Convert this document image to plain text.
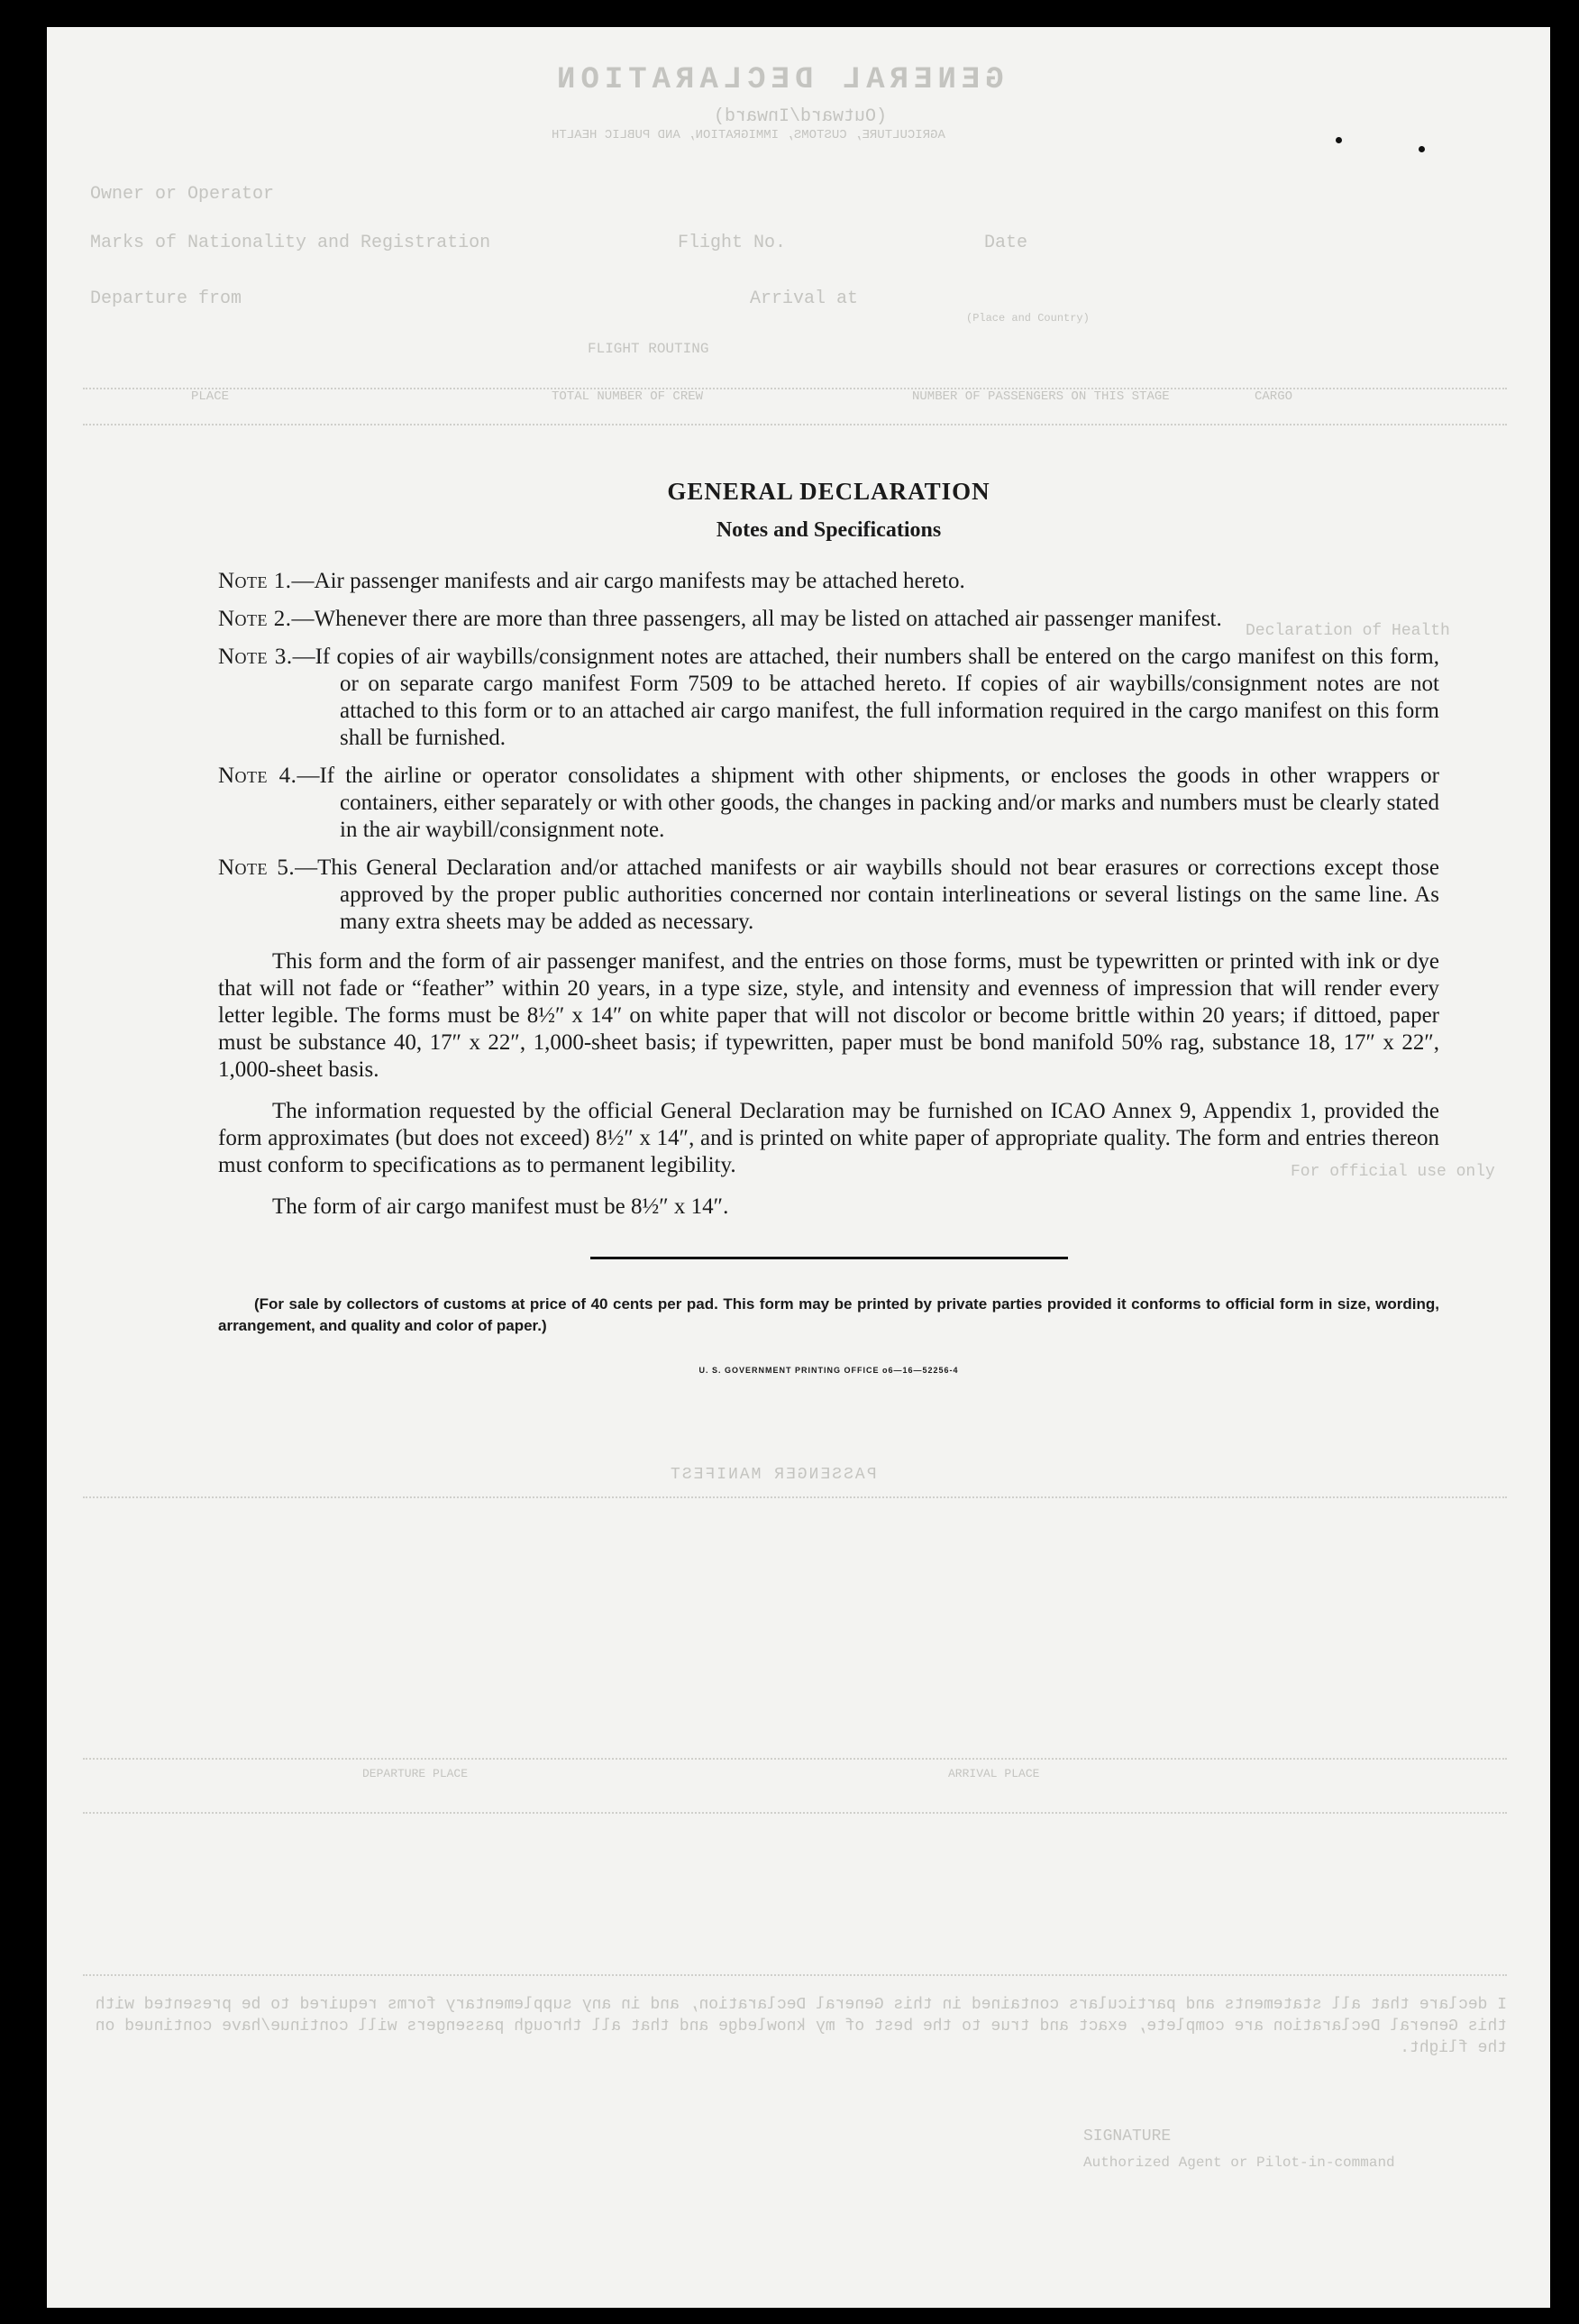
GENERAL DECLARATION
(Outward/Inward)
AGRICULTURE, CUSTOMS, IMMIGRATION, AND PUBLIC HEALTH
Owner or Operator
Marks of Nationality and Registration	Flight No.	Date
Departure from	Arrival at
(Place and Country)
FLIGHT ROUTING
PLACE	TOTAL NUMBER OF CREW	NUMBER OF PASSENGERS ON THIS STAGE	CARGO
Declaration of Health
For official use only
PASSENGER MANIFEST
DEPARTURE PLACE	ARRIVAL PLACE
I declare that all statements and particulars contained in this General Declaration, and in any supplementary forms required to be presented with this General Declaration are complete, exact and true to the best of my knowledge and that all through passengers will continue/have continued on the flight.
SIGNATURE
Authorized Agent or Pilot-in-command
GENERAL DECLARATION
Notes and Specifications

Note 1.—Air passenger manifests and air cargo manifests may be attached hereto.

Note 2.—Whenever there are more than three passengers, all may be listed on attached air passenger manifest.

Note 3.—If copies of air waybills/consignment notes are attached, their numbers shall be entered on the cargo manifest on this form, or on separate cargo manifest Form 7509 to be attached hereto. If copies of air waybills/consignment notes are not attached to this form or to an attached air cargo manifest, the full information required in the cargo manifest on this form shall be furnished.

Note 4.—If the airline or operator consolidates a shipment with other shipments, or encloses the goods in other wrappers or containers, either separately or with other goods, the changes in packing and/or marks and numbers must be clearly stated in the air waybill/consignment note.

Note 5.—This General Declaration and/or attached manifests or air waybills should not bear erasures or corrections except those approved by the proper public authorities concerned nor contain interlineations or several listings on the same line. As many extra sheets may be added as necessary.

This form and the form of air passenger manifest, and the entries on those forms, must be typewritten or printed with ink or dye that will not fade or “feather” within 20 years, in a type size, style, and intensity and evenness of impression that will render every letter legible. The forms must be 8½″ x 14″ on white paper that will not discolor or become brittle within 20 years; if dittoed, paper must be substance 40, 17″ x 22″, 1,000-sheet basis; if typewritten, paper must be bond manifold 50% rag, substance 18, 17″ x 22″, 1,000-sheet basis.

The information requested by the official General Declaration may be furnished on ICAO Annex 9, Appendix 1, provided the form approximates (but does not exceed) 8½″ x 14″, and is printed on white paper of appropriate quality. The form and entries thereon must conform to specifications as to permanent legibility.

The form of air cargo manifest must be 8½″ x 14″.

(For sale by collectors of customs at price of 40 cents per pad. This form may be printed by private parties provided it conforms to official form in size, wording, arrangement, and quality and color of paper.)

U. S. GOVERNMENT PRINTING OFFICE o6—16—52256-4
